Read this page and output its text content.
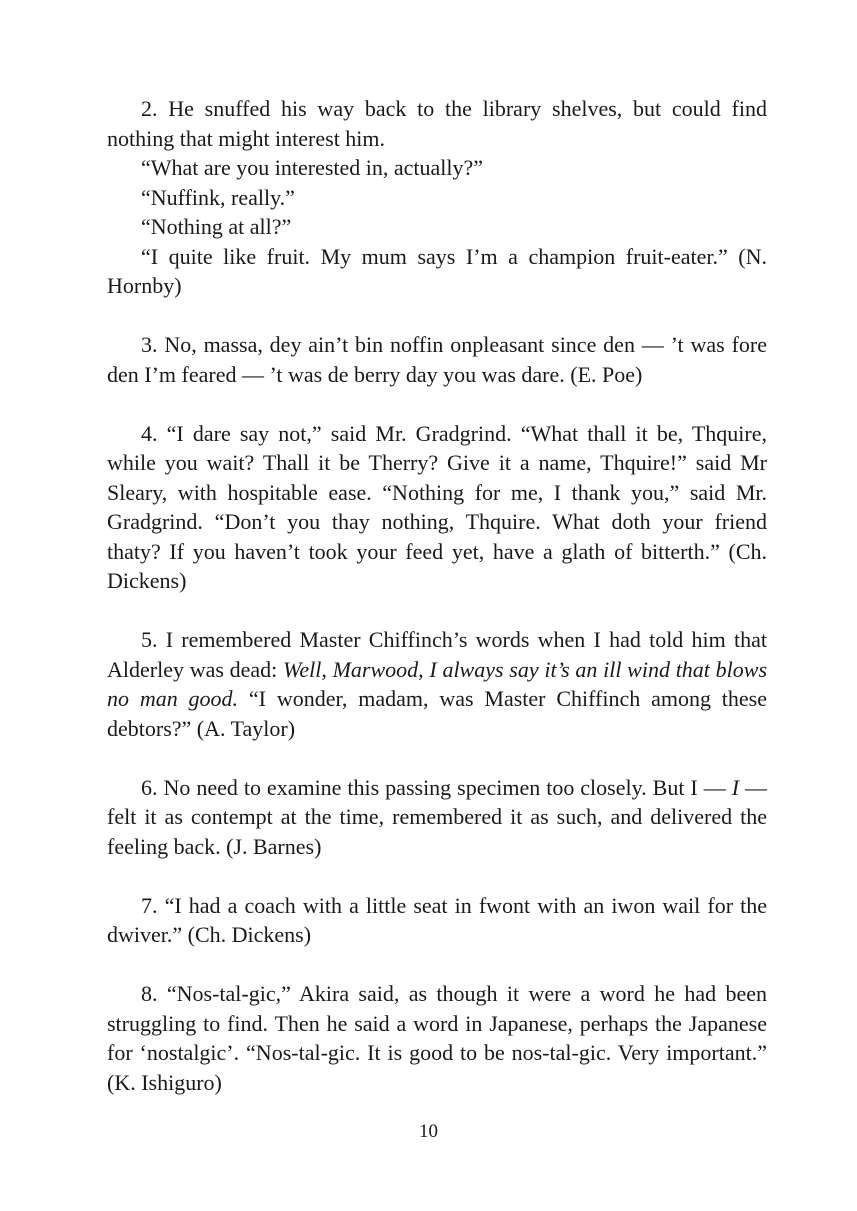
2. He snuffed his way back to the library shelves, but could find nothing that might interest him.

“What are you interested in, actually?”

“Nuffink, really.”

“Nothing at all?”

“I quite like fruit. My mum says I’m a champion fruit-eater.” (N. Hornby)

3. No, massa, dey ain’t bin noffin onpleasant since den — ’t was fore den I’m feared — ’t was de berry day you was dare. (E. Poe)

4. “I dare say not,” said Mr. Gradgrind. “What thall it be, Thquire, while you wait? Thall it be Therry? Give it a name, Thquire!” said Mr Sleary, with hospitable ease. “Nothing for me, I thank you,” said Mr. Gradgrind. “Don’t you thay nothing, Thquire. What doth your friend thaty? If you haven’t took your feed yet, have a glath of bitterth.” (Ch. Dickens)

5. I remembered Master Chiffinch’s words when I had told him that Alderley was dead: Well, Marwood, I always say it’s an ill wind that blows no man good. “I wonder, madam, was Master Chiffinch among these debtors?” (A. Taylor)

6. No need to examine this passing specimen too closely. But I — I — felt it as contempt at the time, remembered it as such, and delivered the feeling back. (J. Barnes)

7. “I had a coach with a little seat in fwont with an iwon wail for the dwiver.” (Ch. Dickens)

8. “Nos-tal-gic,” Akira said, as though it were a word he had been struggling to find. Then he said a word in Japanese, perhaps the Japanese for ‘nostalgic’. “Nos-tal-gic. It is good to be nos-tal-gic. Very important.” (K. Ishiguro)

10
